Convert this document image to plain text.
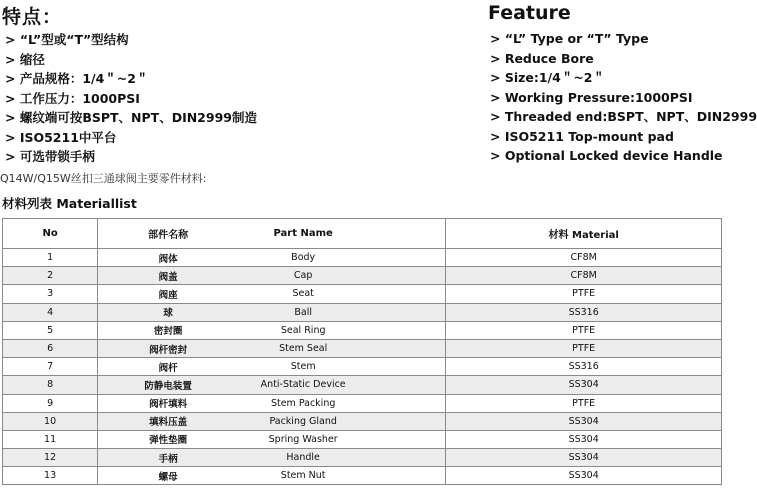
特点：	Feature
> “L”型或“T”型结构
> 缩径
> 产品规格：1/4＂~2＂
> 工作压力：1000PSI
> 螺纹端可按BSPT、NPT、DIN2999制造
> ISO5211中平台
> 可选带锁手柄
> “L” Type or “T” Type
> Reduce Bore
> Size:1/4＂~2＂
> Working Pressure:1000PSI
> Threaded end:BSPT、NPT、DIN2999
> ISO5211 Top-mount pad
> Optional Locked device Handle
Q14W/Q15W丝扣三通球阀主要零件材料:
材料列表 Materiallist
No	部件名称 Part Name	材料 Material
1	阀体 Body	CF8M
2	阀盖 Cap	CF8M
3	阀座 Seat	PTFE
4	球 Ball	SS316
5	密封圈 Seal Ring	PTFE
6	阀杆密封 Stem Seal	PTFE
7	阀杆 Stem	SS316
8	防静电装置 Anti-Static Device	SS304
9	阀杆填料 Stem Packing	PTFE
10	填料压盖 Packing Gland	SS304
11	弹性垫圈 Spring Washer	SS304
12	手柄 Handle	SS304
13	螺母 Stem Nut	SS304
